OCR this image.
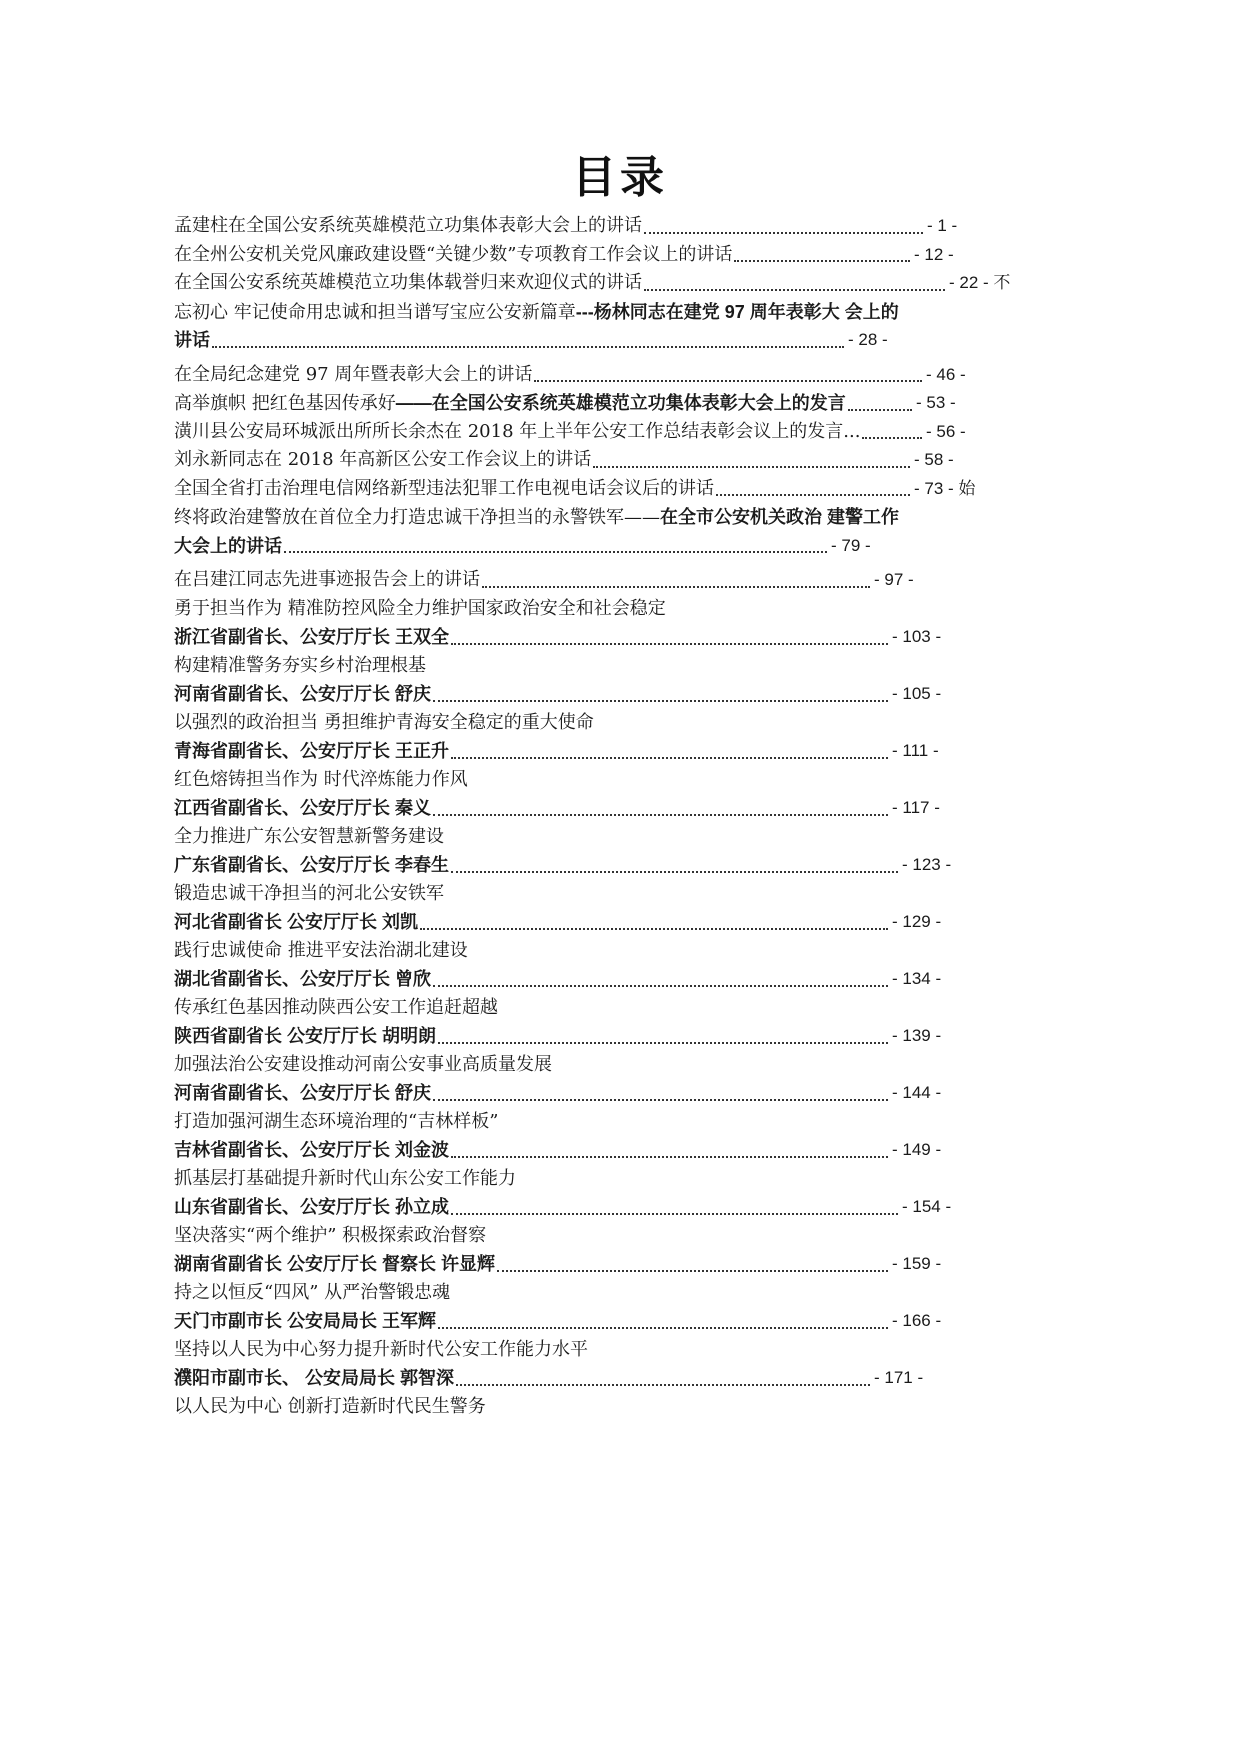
目录
孟建柱在全国公安系统英雄模范立功集体表彰大会上的讲话	- 1 -
在全州公安机关党风廉政建设暨“关键少数”专项教育工作会议上的讲话	- 12 -
在全国公安系统英雄模范立功集体载誉归来欢迎仪式的讲话	- 22 - 不
忘初心 牢记使命用忠诚和担当谱写宝应公安新篇章---杨林同志在建党 97 周年表彰大 会上的
讲话	- 28 -
在全局纪念建党 97 周年暨表彰大会上的讲话	- 46 -
高举旗帜 把红色基因传承好——在全国公安系统英雄模范立功集体表彰大会上的发言	- 53 -
潢川县公安局环城派出所所长余杰在 2018 年上半年公安工作总结表彰会议上的发言...	- 56 -
刘永新同志在 2018 年高新区公安工作会议上的讲话	- 58 -
全国全省打击治理电信网络新型违法犯罪工作电视电话会议后的讲话	- 73 - 始
终将政治建警放在首位全力打造忠诚干净担当的永警铁军——在全市公安机关政治 建警工作
大会上的讲话	- 79 -
在吕建江同志先进事迹报告会上的讲话	- 97 -
勇于担当作为 精准防控风险全力维护国家政治安全和社会稳定
浙江省副省长、公安厅厅长 王双全	- 103 -
构建精准警务夯实乡村治理根基
河南省副省长、公安厅厅长 舒庆	- 105 -
以强烈的政治担当 勇担维护青海安全稳定的重大使命
青海省副省长、公安厅厅长 王正升	- 111 -
红色熔铸担当作为 时代淬炼能力作风
江西省副省长、公安厅厅长 秦义	- 117 -
全力推进广东公安智慧新警务建设
广东省副省长、公安厅厅长 李春生	- 123 -
锻造忠诚干净担当的河北公安铁军
河北省副省长 公安厅厅长 刘凯	- 129 -
践行忠诚使命 推进平安法治湖北建设
湖北省副省长、公安厅厅长 曾欣	- 134 -
传承红色基因推动陕西公安工作追赶超越
陕西省副省长 公安厅厅长 胡明朗	- 139 -
加强法治公安建设推动河南公安事业高质量发展
河南省副省长、公安厅厅长 舒庆	- 144 -
打造加强河湖生态环境治理的“吉林样板”
吉林省副省长、公安厅厅长 刘金波	- 149 -
抓基层打基础提升新时代山东公安工作能力
山东省副省长、公安厅厅长 孙立成	- 154 -
坚决落实“两个维护” 积极探索政治督察
湖南省副省长 公安厅厅长 督察长 许显辉	- 159 -
持之以恒反“四风” 从严治警锻忠魂
天门市副市长 公安局局长 王军辉	- 166 -
坚持以人民为中心努力提升新时代公安工作能力水平
濮阳市副市长、 公安局局长 郭智深	- 171 -
以人民为中心 创新打造新时代民生警务
